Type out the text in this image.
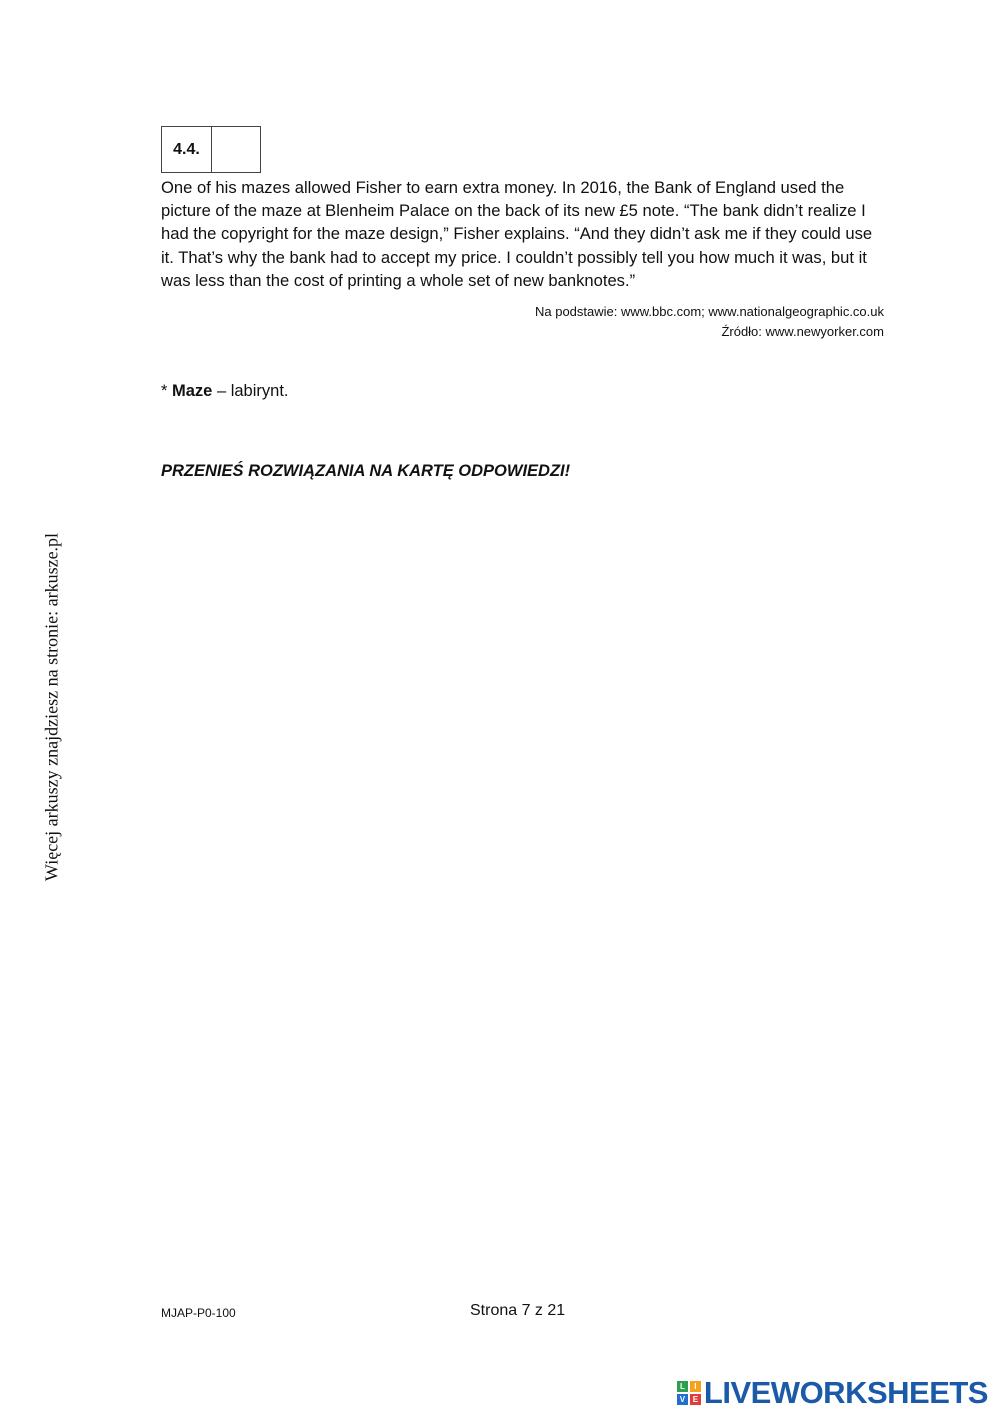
4.4.

One of his mazes allowed Fisher to earn extra money. In 2016, the Bank of England used the picture of the maze at Blenheim Palace on the back of its new £5 note. “The bank didn’t realize I had the copyright for the maze design,” Fisher explains. “And they didn’t ask me if they could use it. That’s why the bank had to accept my price. I couldn’t possibly tell you how much it was, but it was less than the cost of printing a whole set of new banknotes.”

Na podstawie: www.bbc.com; www.nationalgeographic.co.uk
Źródło: www.newyorker.com
* Maze – labirynt.
PRZENIEŚ ROZWIĄZANIA NA KARTĘ ODPOWIEDZI!
Więcej arkuszy znajdziesz na stronie: arkusze.pl
MJAP-P0-100	Strona 7 z 21
L	I
V E LIVEWORKSHEETS
